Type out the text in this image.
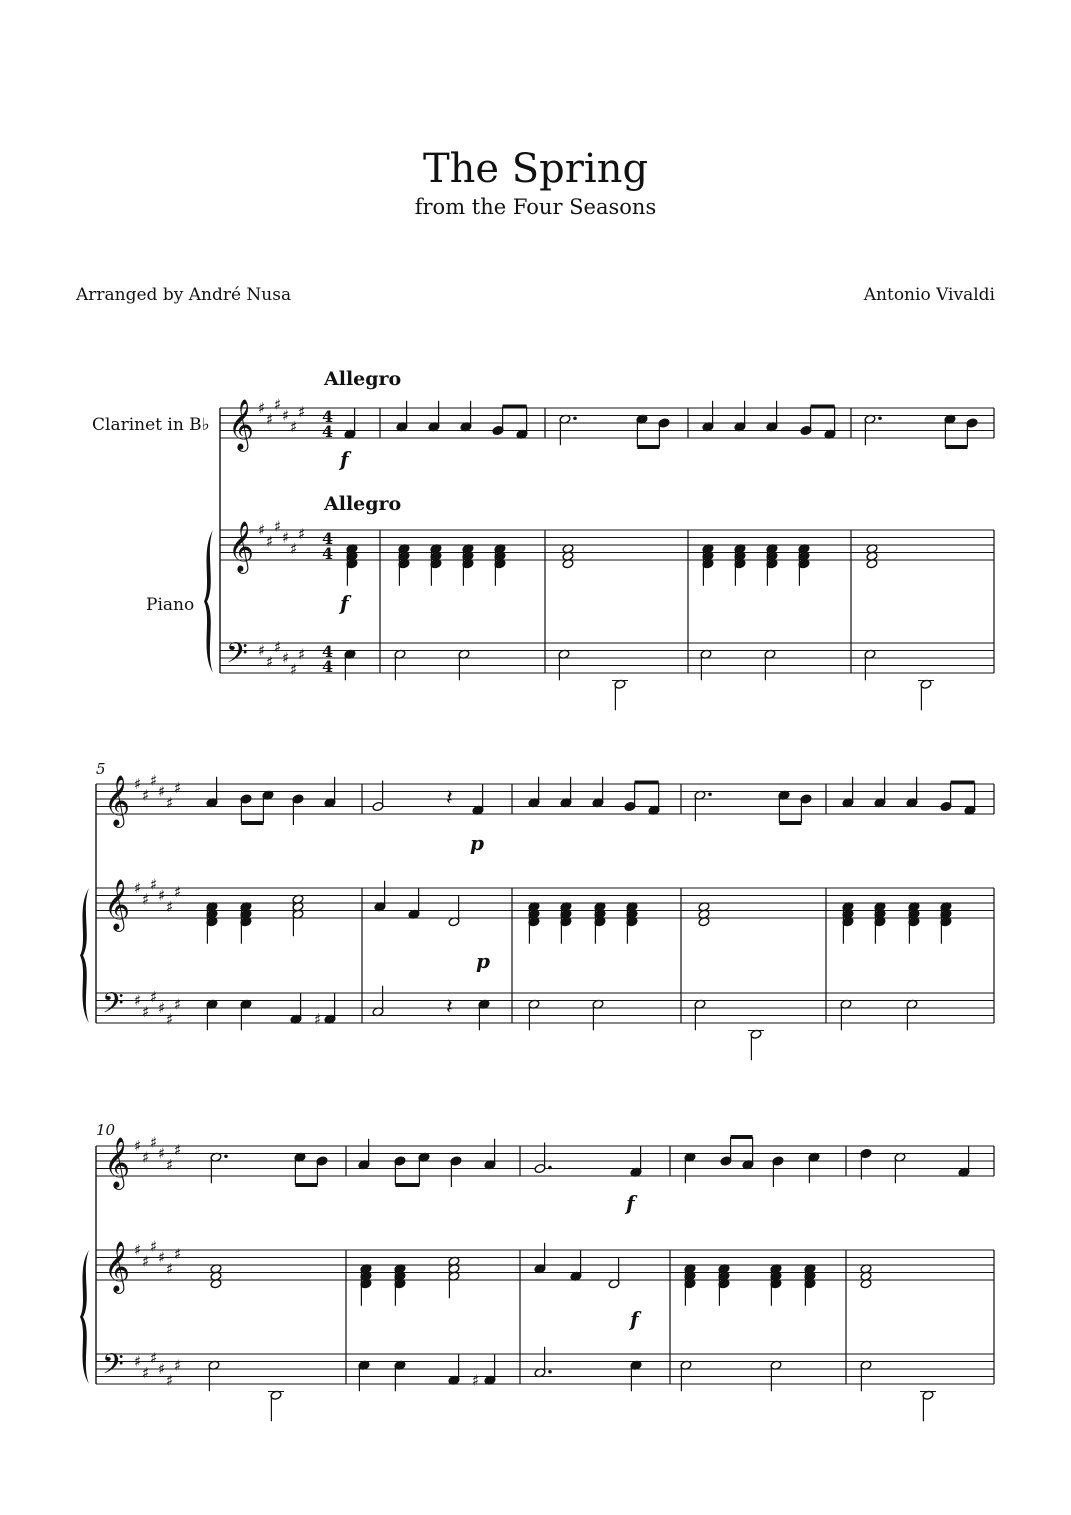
The Spring
from the Four Seasons
Arranged by André Nusa	Antonio Vivaldi
Allegro
Allegro
Clarinet in B♭
Piano
𝄞
𝄞
𝄢
♯
♯
♯
♯
♯
♯
♯
♯
♯
♯
♯
♯
♯
♯
♯
♯
♯
♯
4
4
4
4
4
4
f
f
5
𝄞
𝄞
𝄢
♯
♯
♯
♯
♯
♯
♯
♯
♯
♯
♯
♯
♯
♯
♯
♯
♯
♯
𝄽
p
p
♯	𝄽
10
𝄞
𝄞
𝄢
♯
♯
♯
♯
♯
♯
♯
♯
♯
♯
♯
♯
♯
♯
♯
♯
♯
♯
f
f
♯
